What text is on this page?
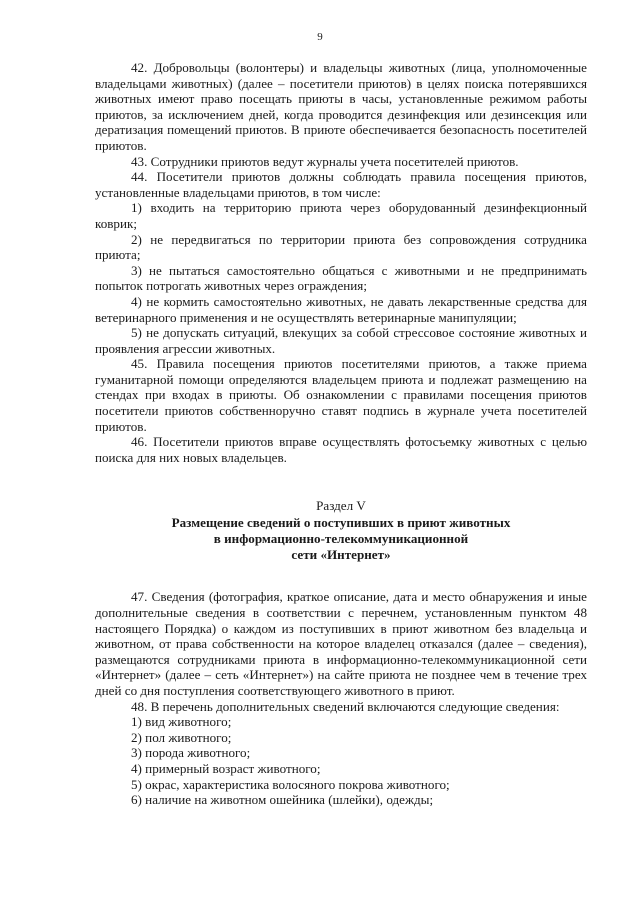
9

42. Добровольцы (волонтеры) и владельцы животных (лица, уполномоченные владельцами животных) (далее – посетители приютов) в целях поиска потерявшихся животных имеют право посещать приюты в часы, установленные режимом работы приютов, за исключением дней, когда проводится дезинфекция или дезинсекция или дератизация помещений приютов. В приюте обеспечивается безопасность посетителей приютов.

43. Сотрудники приютов ведут журналы учета посетителей приютов.

44. Посетители приютов должны соблюдать правила посещения приютов, установленные владельцами приютов, в том числе:

1) входить на территорию приюта через оборудованный дезинфекционный коврик;

2) не передвигаться по территории приюта без сопровождения сотрудника приюта;

3) не пытаться самостоятельно общаться с животными и не предпринимать попыток потрогать животных через ограждения;

4) не кормить самостоятельно животных, не давать лекарственные средства для ветеринарного применения и не осуществлять ветеринарные манипуляции;

5) не допускать ситуаций, влекущих за собой стрессовое состояние животных и проявления агрессии животных.

45. Правила посещения приютов посетителями приютов, а также приема гуманитарной помощи определяются владельцем приюта и подлежат размещению на стендах при входах в приюты. Об ознакомлении с правилами посещения приютов посетители приютов собственноручно ставят подпись в журнале учета посетителей приютов.

46. Посетители приютов вправе осуществлять фотосъемку животных с целью поиска для них новых владельцев.

Раздел V

Размещение сведений о поступивших в приют животных
в информационно-телекоммуникационной
сети «Интернет»

47. Сведения (фотография, краткое описание, дата и место обнаружения и иные дополнительные сведения в соответствии с перечнем, установленным пунктом 48 настоящего Порядка) о каждом из поступивших в приют животном без владельца и животном, от права собственности на которое владелец отказался (далее – сведения), размещаются сотрудниками приюта в информационно-телекоммуникационной сети «Интернет» (далее – сеть «Интернет») на сайте приюта не позднее чем в течение трех дней со дня поступления соответствующего животного в приют.

48. В перечень дополнительных сведений включаются следующие сведения:

1) вид животного;

2) пол животного;

3) порода животного;

4) примерный возраст животного;

5) окрас, характеристика волосяного покрова животного;

6) наличие на животном ошейника (шлейки), одежды;
